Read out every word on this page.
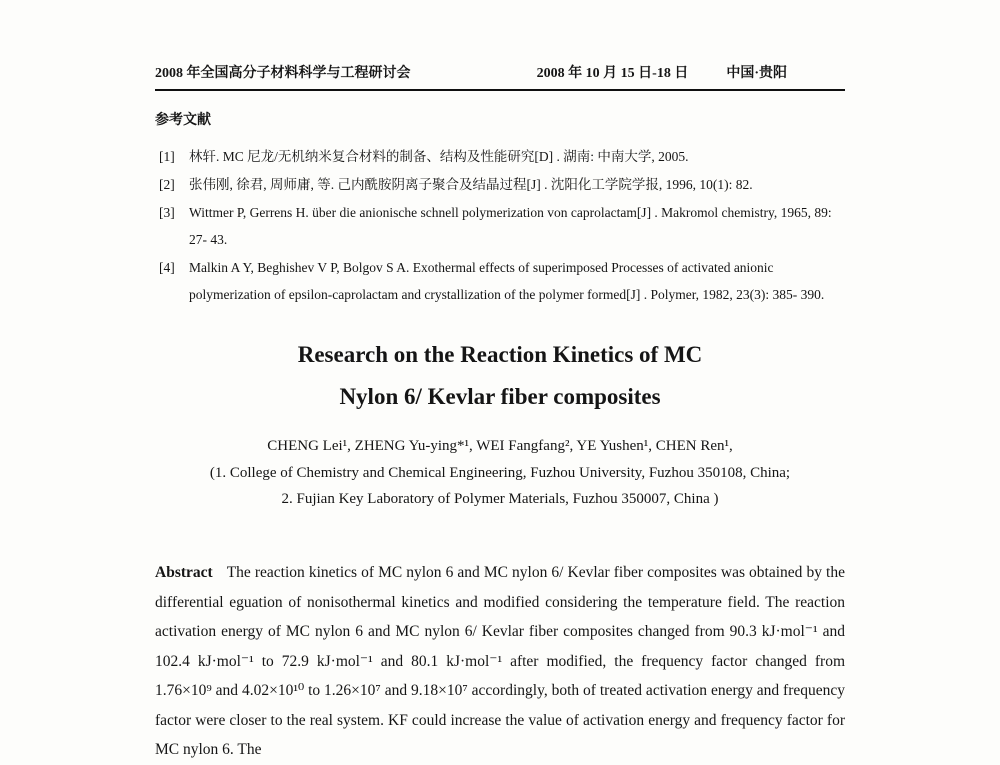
2008 年全国高分子材料科学与工程研讨会	2008 年 10 月 15 日-18 日	中国·贵阳
参考文献
[1]	林轩. MC 尼龙/无机纳米复合材料的制备、结构及性能研究[D] . 湖南: 中南大学, 2005.
[2]	张伟刚, 徐君, 周师庸, 等. 己内酰胺阴离子聚合及结晶过程[J] . 沈阳化工学院学报, 1996, 10(1): 82.
[3]	Wittmer P, Gerrens H. über die anionische schnell polymerization von caprolactam[J] . Makromol chemistry, 1965, 89: 27- 43.
[4]	Malkin A Y, Beghishev V P, Bolgov S A. Exothermal effects of superimposed Processes of activated anionic polymerization of epsilon-caprolactam and crystallization of the polymer formed[J] . Polymer, 1982, 23(3): 385- 390.
Research on the Reaction Kinetics of MC
Nylon 6/ Kevlar fiber composites

CHENG Lei¹, ZHENG Yu-ying*¹, WEI Fangfang², YE Yushen¹, CHEN Ren¹,

(1. College of Chemistry and Chemical Engineering, Fuzhou University, Fuzhou 350108, China;

2. Fujian Key Laboratory of Polymer Materials, Fuzhou 350007, China )

Abstract The reaction kinetics of MC nylon 6 and MC nylon 6/ Kevlar fiber composites was obtained by the differential eguation of nonisothermal kinetics and modified considering the temperature field. The reaction activation energy of MC nylon 6 and MC nylon 6/ Kevlar fiber composites changed from 90.3 kJ·mol⁻¹ and 102.4 kJ·mol⁻¹ to 72.9 kJ·mol⁻¹ and 80.1 kJ·mol⁻¹ after modified, the frequency factor changed from 1.76×10⁹ and 4.02×10¹⁰ to 1.26×10⁷ and 9.18×10⁷ accordingly, both of treated activation energy and frequency factor were closer to the real system. KF could increase the value of activation energy and frequency factor for MC nylon 6. The
